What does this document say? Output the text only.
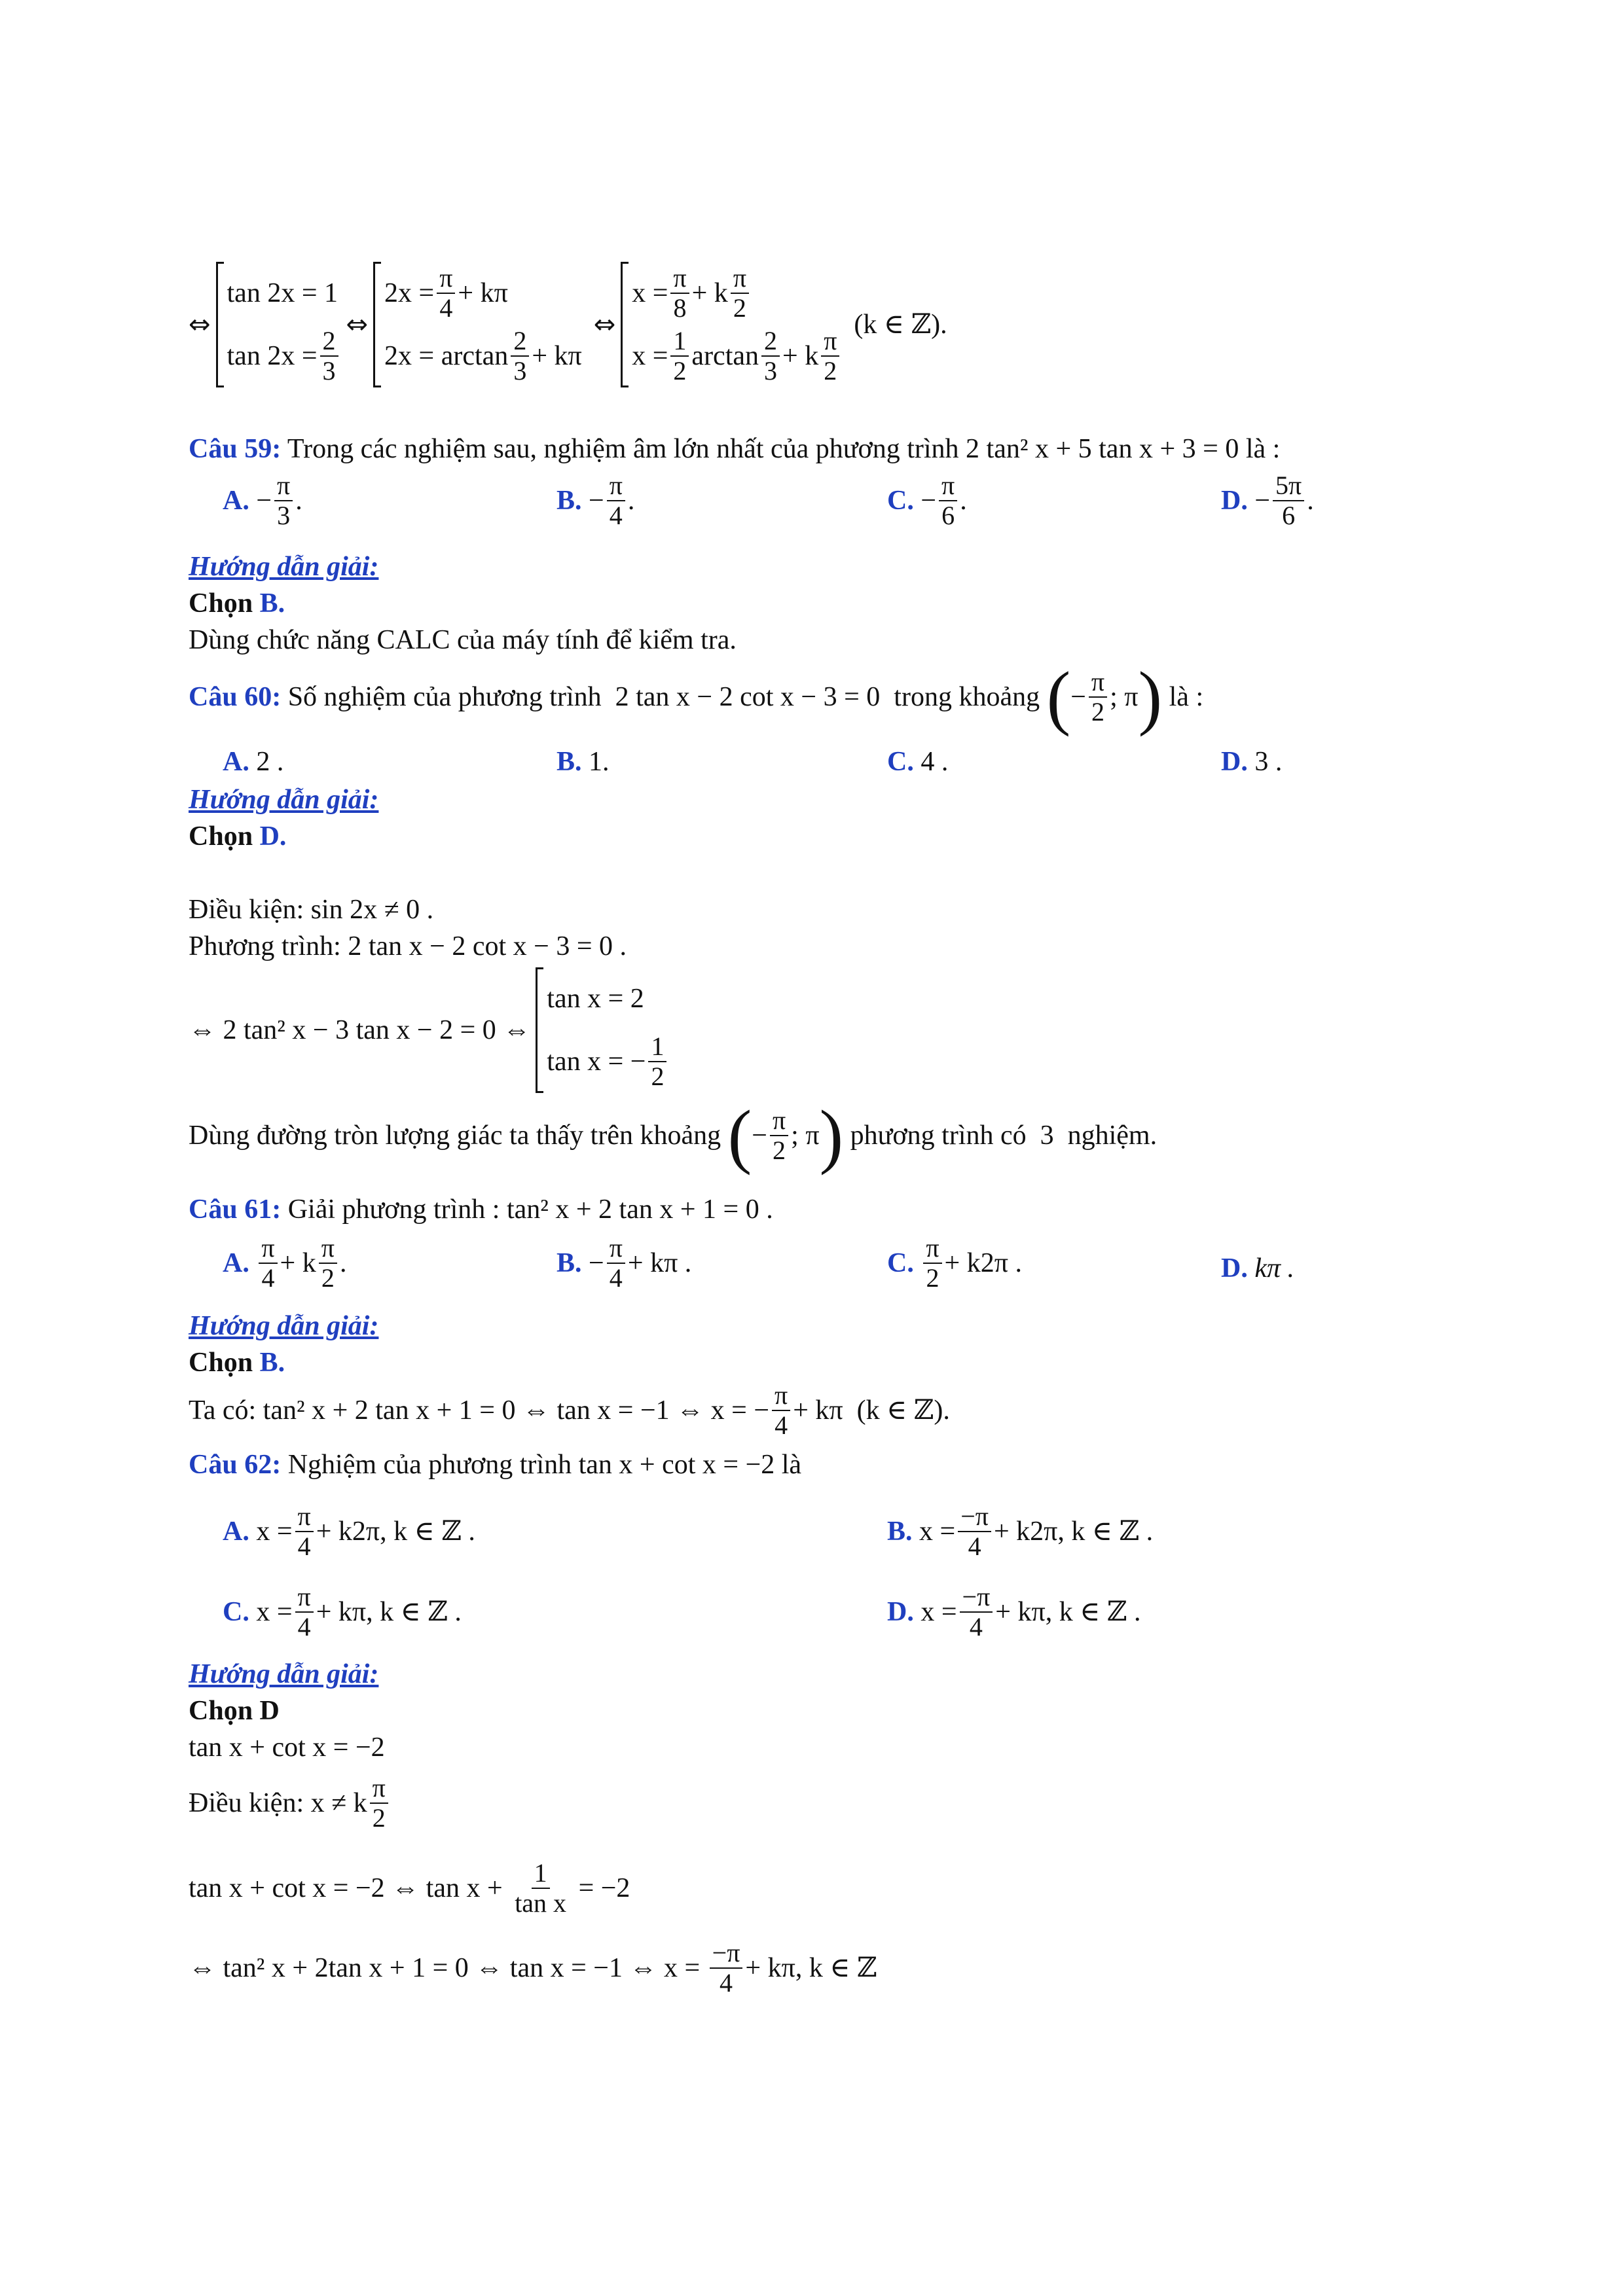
⇔
tan 2x = 1
$\tan 2x = \frac{2}{3}$
⇔
$2x = \frac{\pi}{4} + k\pi$
$2x = \arctan \frac{2}{3} + k\pi$
⇔
$x = \frac{\pi}{8} + k \frac{\pi}{2}$
$x = \frac{1}{2}$ $\arctan \frac{2}{3} + k \frac{\pi}{2}$
(k ∈ ℤ).
Câu 59: Trong các nghiệm sau, nghiệm âm lớn nhất của phương trình 2 tan² x + 5 tan x + 3 = 0 là :
A.
− $\frac{\pi}{3}$ .	B.
− $\frac{\pi}{4}$ .	C.
− $\frac{\pi}{6}$ .	D.
− $\frac{5\pi}{6}$ .
Hướng dẫn giải:
Chọn B.
Dùng chức năng CALC của máy tính để kiểm tra.
Câu 60: Số nghiệm của phương trình  2 tan x − 2 cot x − 3 = 0  trong khoảng ( − $\frac{\pi}{2}$ ; π ) là :
A. 2 .	B. 1.	C. 4 .	D. 3 .
Hướng dẫn giải:
Chọn D.
Điều kiện: sin 2x ≠ 0 .
Phương trình: 2 tan x − 2 cot x − 3 = 0 .
⇔ 2 tan² x − 3 tan x − 2 = 0 ⇔
tan x = 2
tan x = − $\frac{1}{2}$
Dùng đường tròn lượng giác ta thấy trên khoảng ( − $\frac{\pi}{2}$ ; π ) phương trình có  3  nghiệm.
Câu 61: Giải phương trình : tan² x + 2 tan x + 1 = 0 .
A.
$\frac{\pi}{4} + k \frac{\pi}{2}$ .	B.
− $\frac{\pi}{4} + k\pi$ .	C.
$\frac{\pi}{2} + k2\pi$ .	D. kπ .
Hướng dẫn giải:
Chọn B.
Ta có: tan² x + 2 tan x + 1 = 0 ⇔ tan x = −1 ⇔ x = − $\frac{\pi}{4} + k\pi$  (k ∈ ℤ).
Câu 62: Nghiệm của phương trình tan x + cot x = −2 là
A.
$x = \frac{\pi}{4} + k2\pi$, k ∈ ℤ .	B.
$x = \frac{-\pi}{4} + k2\pi$, k ∈ ℤ .
C.
$x = \frac{\pi}{4} + k\pi$, k ∈ ℤ .	D.
$x = \frac{-\pi}{4} + k\pi$, k ∈ ℤ .
Hướng dẫn giải:
Chọn D
tan x + cot x = −2
Điều kiện: x ≠ k $\frac{\pi}{2}$
tan x + cot x = −2 ⇔ $\tan x + \frac{1}{\text{tan x}} = -2$
⇔ tan² x + 2tan x + 1 = 0 ⇔ tan x = −1 ⇔ $x = \frac{-\pi}{4} + k\pi$, k ∈ ℤ
